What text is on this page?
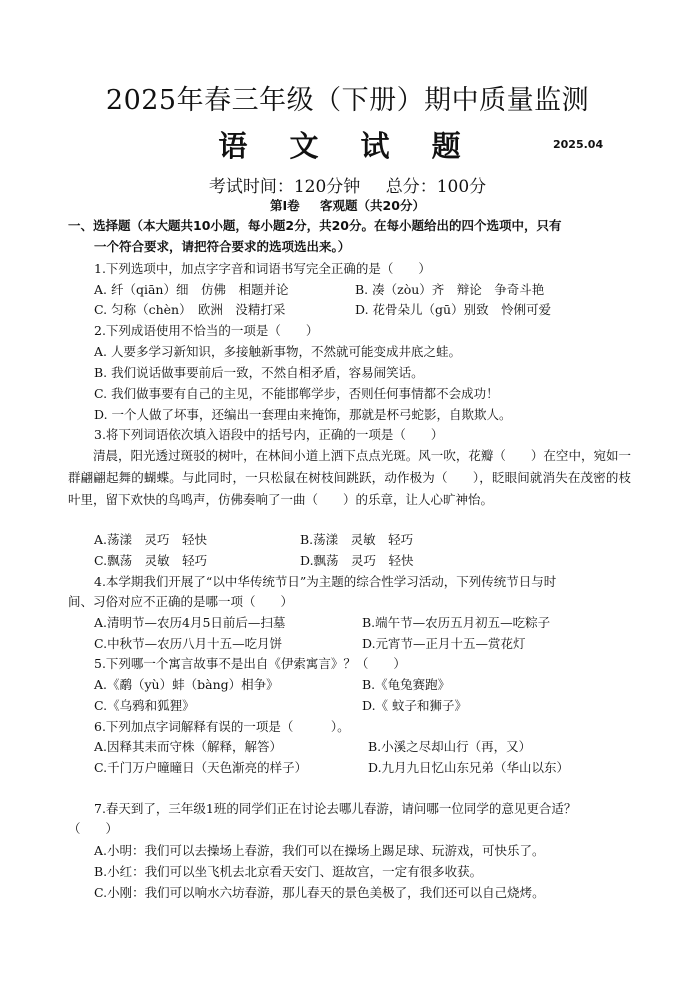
2025年春三年级（下册）期中质量监测
语 文 试 题	2025.04
考试时间：120分钟 总分：100分
第Ⅰ卷 客观题（共20分）
一、选择题（本大题共10小题，每小题2分，共20分。在每小题给出的四个选项中，只有
一个符合要求，请把符合要求的选项选出来。）
1.下列选项中，加点字字音和词语书写完全正确的是（　　）
A. 纤（qiān）细　仿佛　相题并论	B. 凑（zòu）齐　辩论　争奇斗艳
C. 匀称（chèn）　欧洲　没精打采	D. 花骨朵儿（gū）别致　怜俐可爱
2.下列成语使用不恰当的一项是（　　）
A. 人要多学习新知识，多接触新事物，不然就可能变成井底之蛙。
B. 我们说话做事要前后一致，不然自相矛盾，容易闹笑话。
C. 我们做事要有自己的主见，不能邯郸学步，否则任何事情都不会成功！
D. 一个人做了坏事，还编出一套理由来掩饰，那就是杯弓蛇影，自欺欺人。
3.将下列词语依次填入语段中的括号内，正确的一项是（　　）
清晨，阳光透过斑驳的树叶，在林间小道上洒下点点光斑。风一吹，花瓣（　　）在空中，宛如一群翩翩起舞的蝴蝶。与此同时，一只松鼠在树枝间跳跃，动作极为（　　），眨眼间就消失在茂密的枝叶里，留下欢快的鸟鸣声，仿佛奏响了一曲（　　）的乐章，让人心旷神怡。
A.荡漾　灵巧　轻快	B.荡漾　灵敏　轻巧
C.飘荡　灵敏　轻巧	D.飘荡　灵巧　轻快
4.本学期我们开展了“以中华传统节日”为主题的综合性学习活动，下列传统节日与时
间、习俗对应不正确的是哪一项（　　）
A.清明节—农历4月5日前后—扫墓	B.端午节—农历五月初五—吃粽子
C.中秋节—农历八月十五—吃月饼	D.元宵节—正月十五—赏花灯
5.下列哪一个寓言故事不是出自《伊索寓言》？（　　）
A.《鹬（yù）蚌（bàng）相争》	B.《龟兔赛跑》
C.《乌鸦和狐狸》	D.《 蚊子和狮子》
6.下列加点字词解释有误的一项是（　　　）。
A.因释其耒而守株（解释，解答）	B.小溪之尽却山行（再，又）
C.千门万户曈曈日（天色渐亮的样子）	D.九月九日忆山东兄弟（华山以东）
7.春天到了，三年级1班的同学们正在讨论去哪儿春游，请问哪一位同学的意见更合适？
（　　）
A.小明：我们可以去操场上春游，我们可以在操场上踢足球、玩游戏，可快乐了。
B.小红：我们可以坐飞机去北京看天安门、逛故宫，一定有很多收获。
C.小刚：我们可以响水六坊春游，那儿春天的景色美极了，我们还可以自己烧烤。
